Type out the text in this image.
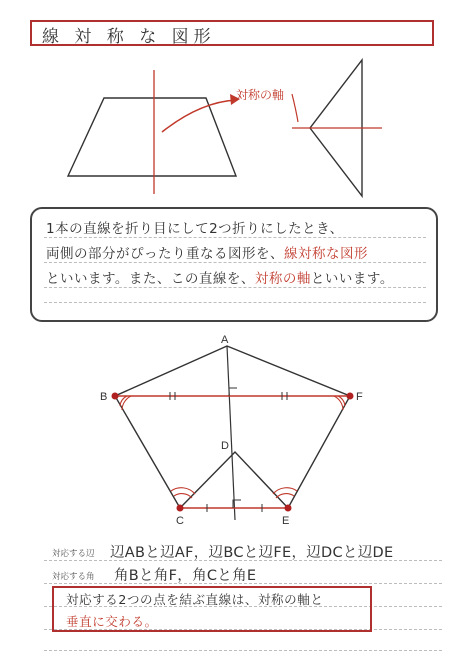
線 対 称 な 図形
対称の軸
1本の直線を折り目にして2つ折りにしたとき、
両側の部分がぴったり重なる図形を、線対称な図形
といいます。また、この直線を、対称の軸といいます。
A
B	F
D
C	E
対応する辺 辺ABと辺AF，辺BCと辺FE，辺DCと辺DE
対応する角 角Bと角F，角Cと角E
対応する2つの点を結ぶ直線は、対称の軸と
垂直に交わる。
